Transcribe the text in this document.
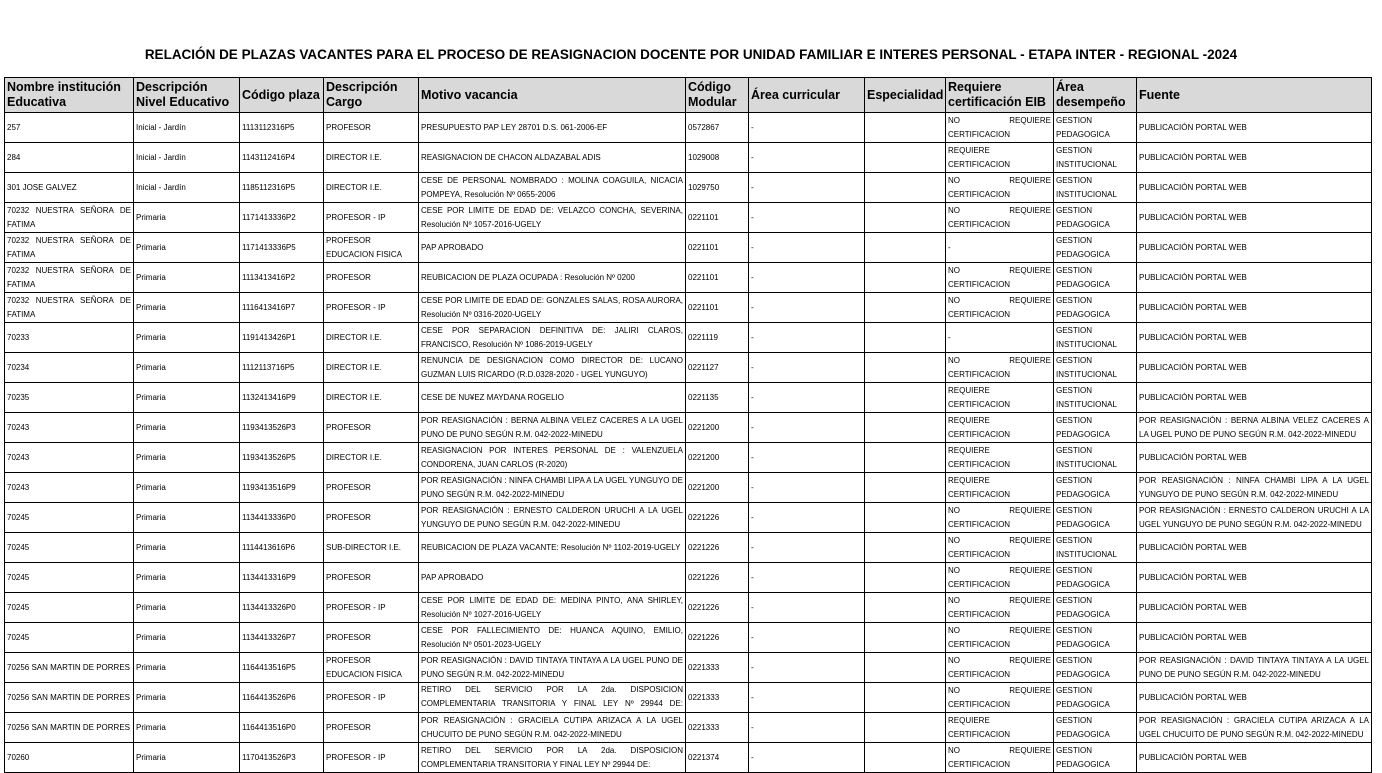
RELACIÓN DE PLAZAS VACANTES PARA EL PROCESO DE REASIGNACION DOCENTE POR UNIDAD FAMILIAR E INTERES PERSONAL - ETAPA INTER - REGIONAL -2024
Nombre institución Educativa	Descripción Nivel Educativo	Código plaza	Descripción Cargo	Motivo vacancia	Código Modular	Área curricular	Especialidad	Requiere certificación EIB	Área desempeño	Fuente

257	Inicial - Jardín	1113112316P5	PROFESOR	PRESUPUESTO PAP LEY 28701 D.S. 061-2006-EF	0572867	-		NO REQUIERE CERTIFICACION	GESTION PEDAGOGICA	PUBLICACIÓN PORTAL WEB

284	Inicial - Jardín	1143112416P4	DIRECTOR I.E.	REASIGNACION DE CHACON ALDAZABAL ADIS	1029008	-		REQUIERE CERTIFICACION	GESTION INSTITUCIONAL	PUBLICACIÓN PORTAL WEB

301 JOSE GALVEZ	Inicial - Jardín	1185112316P5	DIRECTOR I.E.	CESE DE PERSONAL NOMBRADO : MOLINA COAGUILA, NICACIA POMPEYA, Resolución Nº 0655-2006	1029750	-		NO REQUIERE CERTIFICACION	GESTION INSTITUCIONAL	PUBLICACIÓN PORTAL WEB

70232 NUESTRA SEÑORA DE FATIMA	Primaria	1171413336P2	PROFESOR - IP	CESE POR LIMITE DE EDAD DE: VELAZCO CONCHA, SEVERINA, Resolución Nº 1057-2016-UGELY	0221101	-		NO REQUIERE CERTIFICACION	GESTION PEDAGOGICA	PUBLICACIÓN PORTAL WEB

70232 NUESTRA SEÑORA DE FATIMA	Primaria	1171413336P5	PROFESOR EDUCACION FISICA	PAP APROBADO	0221101	-		-	GESTION PEDAGOGICA	PUBLICACIÓN PORTAL WEB

70232 NUESTRA SEÑORA DE FATIMA	Primaria	1113413416P2	PROFESOR	REUBICACION DE PLAZA OCUPADA : Resolución Nº 0200	0221101	-		NO REQUIERE CERTIFICACION	GESTION PEDAGOGICA	PUBLICACIÓN PORTAL WEB

70232 NUESTRA SEÑORA DE FATIMA	Primaria	1116413416P7	PROFESOR - IP	CESE POR LIMITE DE EDAD DE: GONZALES SALAS, ROSA AURORA, Resolución Nº 0316-2020-UGELY	0221101	-		NO REQUIERE CERTIFICACION	GESTION PEDAGOGICA	PUBLICACIÓN PORTAL WEB

70233	Primaria	1191413426P1	DIRECTOR I.E.	CESE POR SEPARACION DEFINITIVA DE: JALIRI CLAROS, FRANCISCO, Resolución Nº 1086-2019-UGELY	0221119	-		-	GESTION INSTITUCIONAL	PUBLICACIÓN PORTAL WEB

70234	Primaria	1112113716P5	DIRECTOR I.E.	RENUNCIA DE DESIGNACION COMO DIRECTOR DE: LUCANO GUZMAN LUIS RICARDO (R.D.0328-2020 - UGEL YUNGUYO)	0221127	-		NO REQUIERE CERTIFICACION	GESTION INSTITUCIONAL	PUBLICACIÓN PORTAL WEB

70235	Primaria	1132413416P9	DIRECTOR I.E.	CESE DE NU¥EZ MAYDANA ROGELIO	0221135	-		REQUIERE CERTIFICACION	GESTION INSTITUCIONAL	PUBLICACIÓN PORTAL WEB

70243	Primaria	1193413526P3	PROFESOR	POR REASIGNACIÓN : BERNA ALBINA VELEZ CACERES A LA UGEL PUNO DE PUNO SEGÚN R.M. 042-2022-MINEDU	0221200	-		REQUIERE CERTIFICACION	GESTION PEDAGOGICA	POR REASIGNACIÓN : BERNA ALBINA VELEZ CACERES A LA UGEL PUNO DE PUNO SEGÚN R.M. 042-2022-MINEDU

70243	Primaria	1193413526P5	DIRECTOR I.E.	REASIGNACION POR INTERES PERSONAL DE : VALENZUELA CONDORENA, JUAN CARLOS (R-2020)	0221200	-		REQUIERE CERTIFICACION	GESTION INSTITUCIONAL	PUBLICACIÓN PORTAL WEB

70243	Primaria	1193413516P9	PROFESOR	POR REASIGNACIÓN : NINFA CHAMBI LIPA A LA UGEL YUNGUYO DE PUNO SEGÚN R.M. 042-2022-MINEDU	0221200	-		REQUIERE CERTIFICACION	GESTION PEDAGOGICA	POR REASIGNACIÓN : NINFA CHAMBI LIPA A LA UGEL YUNGUYO DE PUNO SEGÚN R.M. 042-2022-MINEDU

70245	Primaria	1134413336P0	PROFESOR	POR REASIGNACIÓN : ERNESTO CALDERON URUCHI A LA UGEL YUNGUYO DE PUNO SEGÚN R.M. 042-2022-MINEDU	0221226	-		NO REQUIERE CERTIFICACION	GESTION PEDAGOGICA	POR REASIGNACIÓN : ERNESTO CALDERON URUCHI A LA UGEL YUNGUYO DE PUNO SEGÚN R.M. 042-2022-MINEDU

70245	Primaria	1114413616P6	SUB-DIRECTOR I.E.	REUBICACION DE PLAZA VACANTE: Resolución Nº 1102-2019-UGELY	0221226	-		NO REQUIERE CERTIFICACION	GESTION INSTITUCIONAL	PUBLICACIÓN PORTAL WEB

70245	Primaria	1134413316P9	PROFESOR	PAP APROBADO	0221226	-		NO REQUIERE CERTIFICACION	GESTION PEDAGOGICA	PUBLICACIÓN PORTAL WEB

70245	Primaria	1134413326P0	PROFESOR - IP	CESE POR LIMITE DE EDAD DE: MEDINA PINTO, ANA SHIRLEY, Resolución Nº 1027-2016-UGELY	0221226	-		NO REQUIERE CERTIFICACION	GESTION PEDAGOGICA	PUBLICACIÓN PORTAL WEB

70245	Primaria	1134413326P7	PROFESOR	CESE POR FALLECIMIENTO DE: HUANCA AQUINO, EMILIO, Resolución Nº 0501-2023-UGELY	0221226	-		NO REQUIERE CERTIFICACION	GESTION PEDAGOGICA	PUBLICACIÓN PORTAL WEB

70256 SAN MARTIN DE PORRES	Primaria	1164413516P5	PROFESOR EDUCACION FISICA	POR REASIGNACIÓN : DAVID TINTAYA TINTAYA A LA UGEL PUNO DE PUNO SEGÚN R.M. 042-2022-MINEDU	0221333	-		NO REQUIERE CERTIFICACION	GESTION PEDAGOGICA	POR REASIGNACIÓN : DAVID TINTAYA TINTAYA A LA UGEL PUNO DE PUNO SEGÚN R.M. 042-2022-MINEDU

70256 SAN MARTIN DE PORRES	Primaria	1164413526P6	PROFESOR - IP	RETIRO DEL SERVICIO POR LA 2da. DISPOSICION COMPLEMENTARIA TRANSITORIA Y FINAL LEY Nº 29944 DE:	0221333	-		NO REQUIERE CERTIFICACION	GESTION PEDAGOGICA	PUBLICACIÓN PORTAL WEB

70256 SAN MARTIN DE PORRES	Primaria	1164413516P0	PROFESOR	POR REASIGNACIÓN : GRACIELA CUTIPA ARIZACA A LA UGEL CHUCUITO DE PUNO SEGÚN R.M. 042-2022-MINEDU	0221333	-		REQUIERE CERTIFICACION	GESTION PEDAGOGICA	POR REASIGNACIÓN : GRACIELA CUTIPA ARIZACA A LA UGEL CHUCUITO DE PUNO SEGÚN R.M. 042-2022-MINEDU

70260	Primaria	1170413526P3	PROFESOR - IP	RETIRO DEL SERVICIO POR LA 2da. DISPOSICION COMPLEMENTARIA TRANSITORIA Y FINAL LEY Nº 29944 DE:	0221374	-		NO REQUIERE CERTIFICACION	GESTION PEDAGOGICA	PUBLICACIÓN PORTAL WEB
